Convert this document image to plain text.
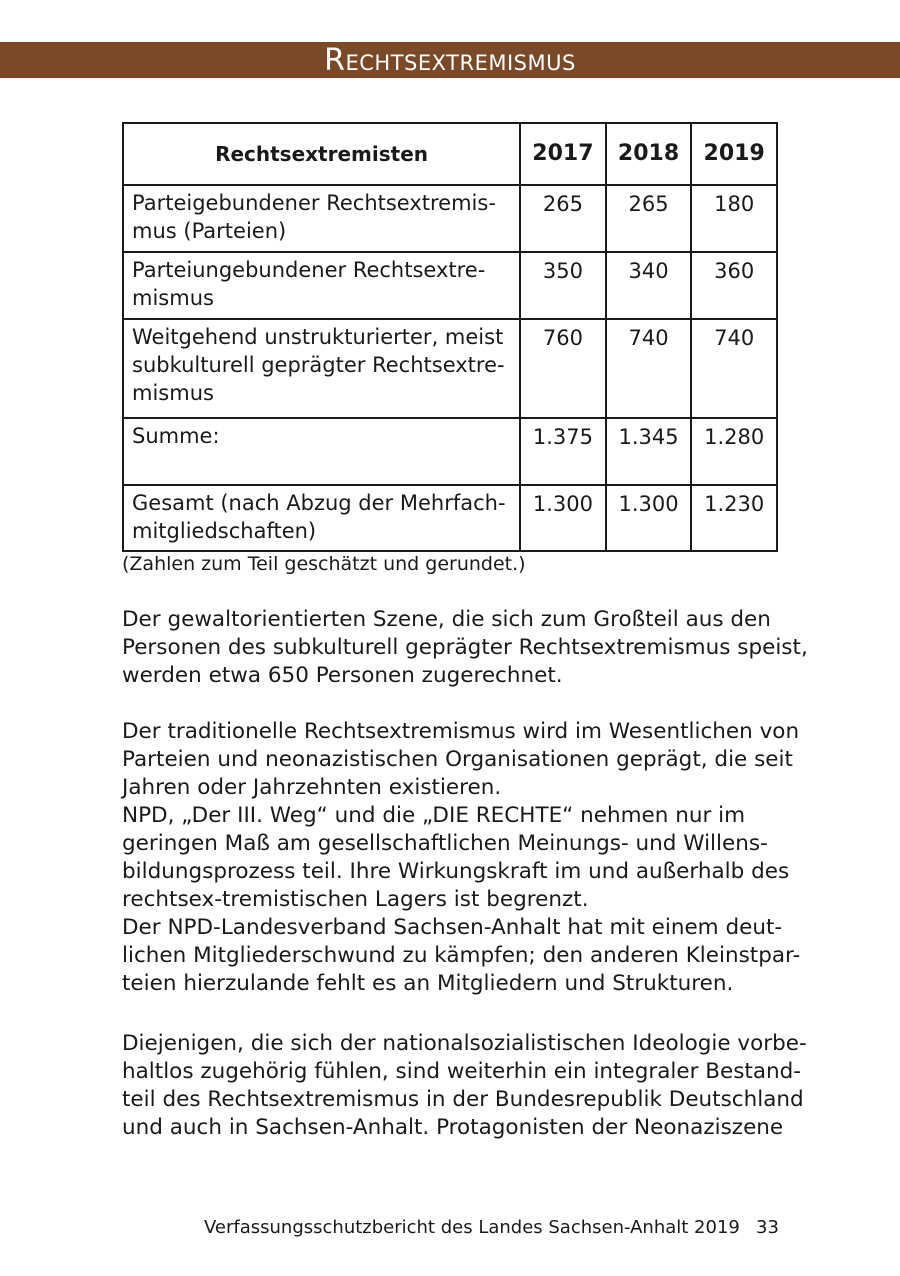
Rechtsextremismus
Rechtsextremisten	2017	2018	2019
Parteigebundener Rechtsextremis-
mus (Parteien)	265	265	180
Parteiungebundener Rechtsextre-
mismus	350	340	360
Weitgehend unstrukturierter, meist
subkulturell geprägter Rechtsextre-
mismus	760	740	740
Summe:	1.375	1.345	1.280
Gesamt (nach Abzug der Mehrfach-
mitgliedschaften)	1.300	1.300	1.230
(Zahlen zum Teil geschätzt und gerundet.)

Der gewaltorientierten Szene, die sich zum Großteil aus den
Personen des subkulturell geprägter Rechtsextremismus speist,
werden etwa 650 Personen zugerechnet.

Der traditionelle Rechtsextremismus wird im Wesentlichen von
Parteien und neonazistischen Organisationen geprägt, die seit
Jahren oder Jahrzehnten existieren.
NPD, „Der III. Weg“ und die „DIE RECHTE“ nehmen nur im
geringen Maß am gesellschaftlichen Meinungs- und Willens-
bildungsprozess teil. Ihre Wirkungskraft im und außerhalb des
rechtsex-tremistischen Lagers ist begrenzt.
Der NPD-Landesverband Sachsen-Anhalt hat mit einem deut-
lichen Mitgliederschwund zu kämpfen; den anderen Kleinstpar-
teien hierzulande fehlt es an Mitgliedern und Strukturen.

Diejenigen, die sich der nationalsozialistischen Ideologie vorbe-
haltlos zugehörig fühlen, sind weiterhin ein integraler Bestand-
teil des Rechtsextremismus in der Bundesrepublik Deutschland
und auch in Sachsen-Anhalt. Protagonisten der Neonaziszene

Verfassungsschutzbericht des Landes Sachsen-Anhalt 2019 33
